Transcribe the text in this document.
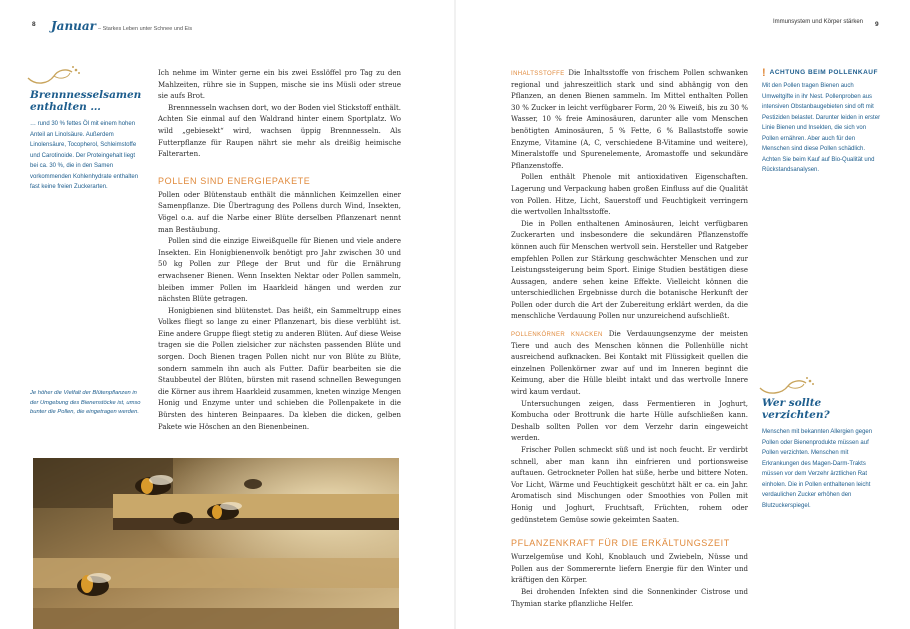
8 Januar – Starkes Leben unter Schnee und Eis
Immunsystem und Körper stärken 9
Brennnesselsamen enthalten …
… rund 30 % fettes Öl mit einem hohen Anteil an Linolsäure. Außerdem Linolensäure, Tocopherol, Schleimstoffe und Carotinoide. Der Proteingehalt liegt bei ca. 30 %, die in den Samen vorkommenden Kohlenhydrate enthalten fast keine freien Zuckerarten.
Je höher die Vielfalt der Blütenpflanzen in der Umgebung des Bienenstöcke ist, umso bunter die Pollen, die eingetragen werden.

Ich nehme im Winter gerne ein bis zwei Esslöffel pro Tag zu den Mahlzeiten, rühre sie in Suppen, mische sie ins Müsli oder streue sie aufs Brot.

Brennnesseln wachsen dort, wo der Boden viel Stickstoff enthält. Achten Sie einmal auf den Waldrand hinter einem Sportplatz. Wo wild „gebiesekt“ wird, wachsen üppig Brennnesseln. Als Futterpflanze für Raupen nährt sie mehr als dreißig heimische Falterarten.

POLLEN SIND ENERGIEPAKETE

Pollen oder Blütenstaub enthält die männlichen Keimzellen einer Samenpflanze. Die Übertragung des Pollens durch Wind, Insekten, Vögel o.a. auf die Narbe einer Blüte derselben Pflanzenart nennt man Bestäubung.

Pollen sind die einzige Eiweißquelle für Bienen und viele andere Insekten. Ein Honigbienenvolk benötigt pro Jahr zwischen 30 und 50 kg Pollen zur Pflege der Brut und für die Ernährung erwachsener Bienen. Wenn Insekten Nektar oder Pollen sammeln, bleiben immer Pollen im Haarkleid hängen und werden zur nächsten Blüte getragen.

Honigbienen sind blütenstet. Das heißt, ein Sammeltrupp eines Volkes fliegt so lange zu einer Pflanzenart, bis diese verblüht ist. Eine andere Gruppe fliegt stetig zu anderen Blüten. Auf diese Weise tragen sie die Pollen zielsicher zur nächsten passenden Blüte und sorgen. Doch Bienen tragen Pollen nicht nur von Blüte zu Blüte, sondern sammeln ihn auch als Futter. Dafür bearbeiten sie die Staubbeutel der Blüten, bürsten mit rasend schnellen Bewegungen die Körner aus ihrem Haarkleid zusammen, kneten winzige Mengen Honig und Enzyme unter und schieben die Pollenpakete in die Bürsten des hinteren Beinpaares. Da kleben die dicken, gelben Pakete wie Höschen an den Bienenbeinen.

INHALTSSTOFFE Die Inhaltsstoffe von frischem Pollen schwanken regional und jahreszeitlich stark und sind abhängig von den Pflanzen, an denen Bienen sammeln. Im Mittel enthalten Pollen 30 % Zucker in leicht verfügbarer Form, 20 % Eiweiß, bis zu 30 % Wasser, 10 % freie Aminosäuren, darunter alle vom Menschen benötigten Aminosäuren, 5 % Fette, 6 % Ballaststoffe sowie Enzyme, Vitamine (A, C, verschiedene B-Vitamine und weitere), Mineralstoffe und Spurenelemente, Aromastoffe und sekundäre Pflanzenstoffe.

Pollen enthält Phenole mit antioxidativen Eigenschaften. Lagerung und Verpackung haben großen Einfluss auf die Qualität von Pollen. Hitze, Licht, Sauerstoff und Feuchtigkeit verringern die wertvollen Inhaltsstoffe.

Die in Pollen enthaltenen Aminosäuren, leicht verfügbaren Zuckerarten und insbesondere die sekundären Pflanzenstoffe können auch für Menschen wertvoll sein. Hersteller und Ratgeber empfehlen Pollen zur Stärkung geschwächter Menschen und zur Leistungssteigerung beim Sport. Einige Studien bestätigen diese Aussagen, andere sehen keine Effekte. Vielleicht können die unterschiedlichen Ergebnisse durch die botanische Herkunft der Pollen oder durch die Art der Zubereitung erklärt werden, da die menschliche Verdauung Pollen nur unzureichend aufschließt.

POLLENKÖRNER KNACKEN Die Verdauungsenzyme der meisten Tiere und auch des Menschen können die Pollenhülle nicht ausreichend aufknacken. Bei Kontakt mit Flüssigkeit quellen die einzelnen Pollenkörner zwar auf und im Inneren beginnt die Keimung, aber die Hülle bleibt intakt und das wertvolle Innere wird kaum verdaut.

Untersuchungen zeigen, dass Fermentieren in Joghurt, Kombucha oder Brottrunk die harte Hülle aufschließen kann. Deshalb sollten Pollen vor dem Verzehr darin eingeweicht werden.

Frischer Pollen schmeckt süß und ist noch feucht. Er verdirbt schnell, aber man kann ihn einfrieren und portionsweise auftauen. Getrockneter Pollen hat süße, herbe und bittere Noten. Vor Licht, Wärme und Feuchtigkeit geschützt hält er ca. ein Jahr. Aromatisch sind Mischungen oder Smoothies von Pollen mit Honig und Joghurt, Fruchtsaft, Früchten, rohem oder gedünstetem Gemüse sowie gekeimten Saaten.

PFLANZENKRAFT FÜR DIE ERKÄLTUNGSZEIT

Wurzelgemüse und Kohl, Knoblauch und Zwiebeln, Nüsse und Pollen aus der Sommerernte liefern Energie für den Winter und kräftigen den Körper.

Bei drohenden Infekten sind die Sonnenkinder Cistrose und Thymian starke pflanzliche Helfer.

! ACHTUNG BEIM POLLENKAUF
Mit den Pollen tragen Bienen auch Umweltgifte in ihr Nest. Pollenproben aus intensiven Obstanbaugebieten sind oft mit Pestiziden belastet. Darunter leiden in erster Linie Bienen und Insekten, die sich von Pollen ernähren. Aber auch für den Menschen sind diese Pollen schädlich. Achten Sie beim Kauf auf Bio-Qualität und Rückstandsanalysen.
Wer sollte verzichten?
Menschen mit bekannten Allergien gegen Pollen oder Bienenprodukte müssen auf Pollen verzichten. Menschen mit Erkrankungen des Magen-Darm-Trakts müssen vor dem Verzehr ärztlichen Rat einholen. Die in Pollen enthaltenen leicht verdaulichen Zucker erhöhen den Blutzuckerspiegel.
